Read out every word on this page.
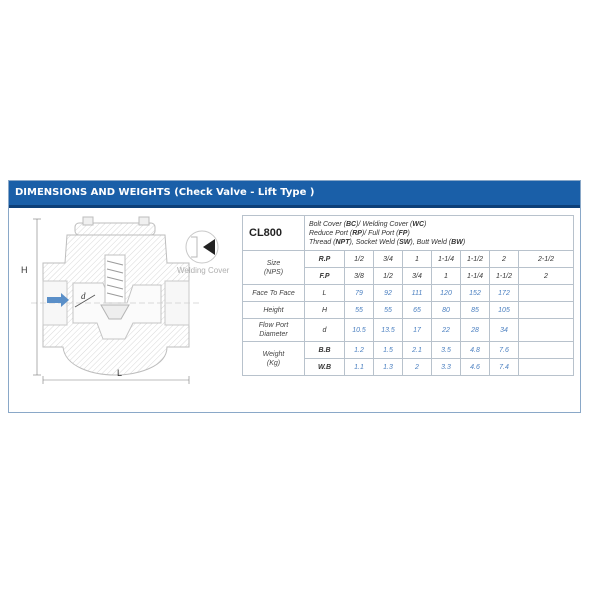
DIMENSIONS AND WEIGHTS (Check Valve - Lift Type )
d
H
L
Welding Cover
CL800	Bolt Cover (BC)/ Welding Cover (WC)
Reduce Port (RP)/ Full Port (FP)
Thread (NPT), Socket Weld (SW), Butt Weld (BW)							

Size
(NPS)	R.P	1/2	3/4	1	1-1/4	1-1/2	2	2-1/2
	F.P	3/8	1/2	3/4	1	1-1/4	1-1/2	2
Face To Face	L	79	92	111	120	152	172	
Height	H	55	55	65	80	85	105	

Flow Port
Diameter	d	10.5	13.5	17	22	28	34	

Weight
(Kg)	B.B	1.2	1.5	2.1	3.5	4.8	7.6	
	W.B	1.1	1.3	2	3.3	4.6	7.4	
